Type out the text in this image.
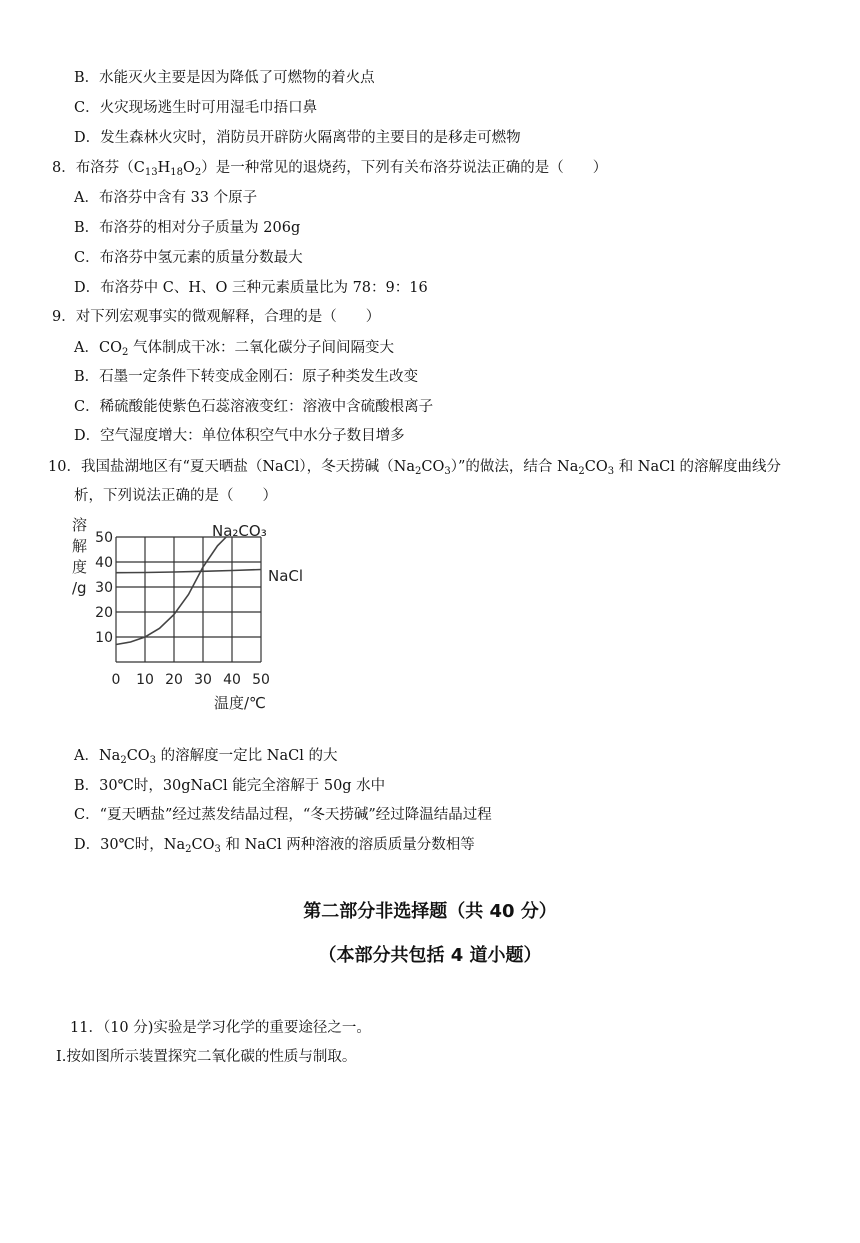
B．水能灭火主要是因为降低了可燃物的着火点
C．火灾现场逃生时可用湿毛巾捂口鼻
D．发生森林火灾时，消防员开辟防火隔离带的主要目的是移走可燃物
8．布洛芬$(C_{13}H_{18}O_2)$是一种常见的退烧药，下列有关布洛芬说法正确的是（　　）
A．布洛芬中含有 33 个原子
B．布洛芬的相对分子质量为 206g
C．布洛芬中氢元素的质量分数最大
D．布洛芬中 C、H、O 三种元素质量比为 78：9：16
9．对下列宏观事实的微观解释，合理的是（　　）
A．$CO_2$ 气体制成干冰：二氧化碳分子间间隔变大
B．石墨一定条件下转变成金刚石：原子种类发生改变
C．稀硫酸能使紫色石蕊溶液变红：溶液中含硫酸根离子
D．空气湿度增大：单位体积空气中水分子数目增多
10．我国盐湖地区有“夏天晒盐（NaCl），冬天捞碱$(Na_2CO_3)$”的做法，结合 $Na_2CO_3$ 和 NaCl 的溶解度曲线分
析，下列说法正确的是（　　）
0 10 20 30 40 50
10
20
30
40
50
溶
解
度
/g
温度/℃
Na₂CO₃
NaCl
A．$Na_2CO_3$ 的溶解度一定比 NaCl 的大
B．30℃时，30gNaCl 能完全溶解于 50g 水中
C．“夏天晒盐”经过蒸发结晶过程，“冬天捞碱”经过降温结晶过程
D．30℃时，$Na_2CO_3$ 和 NaCl 两种溶液的溶质质量分数相等
第二部分非选择题（共 40 分）
（本部分共包括 4 道小题）
11．（10 分)实验是学习化学的重要途径之一。
Ⅰ.按如图所示装置探究二氧化碳的性质与制取。
